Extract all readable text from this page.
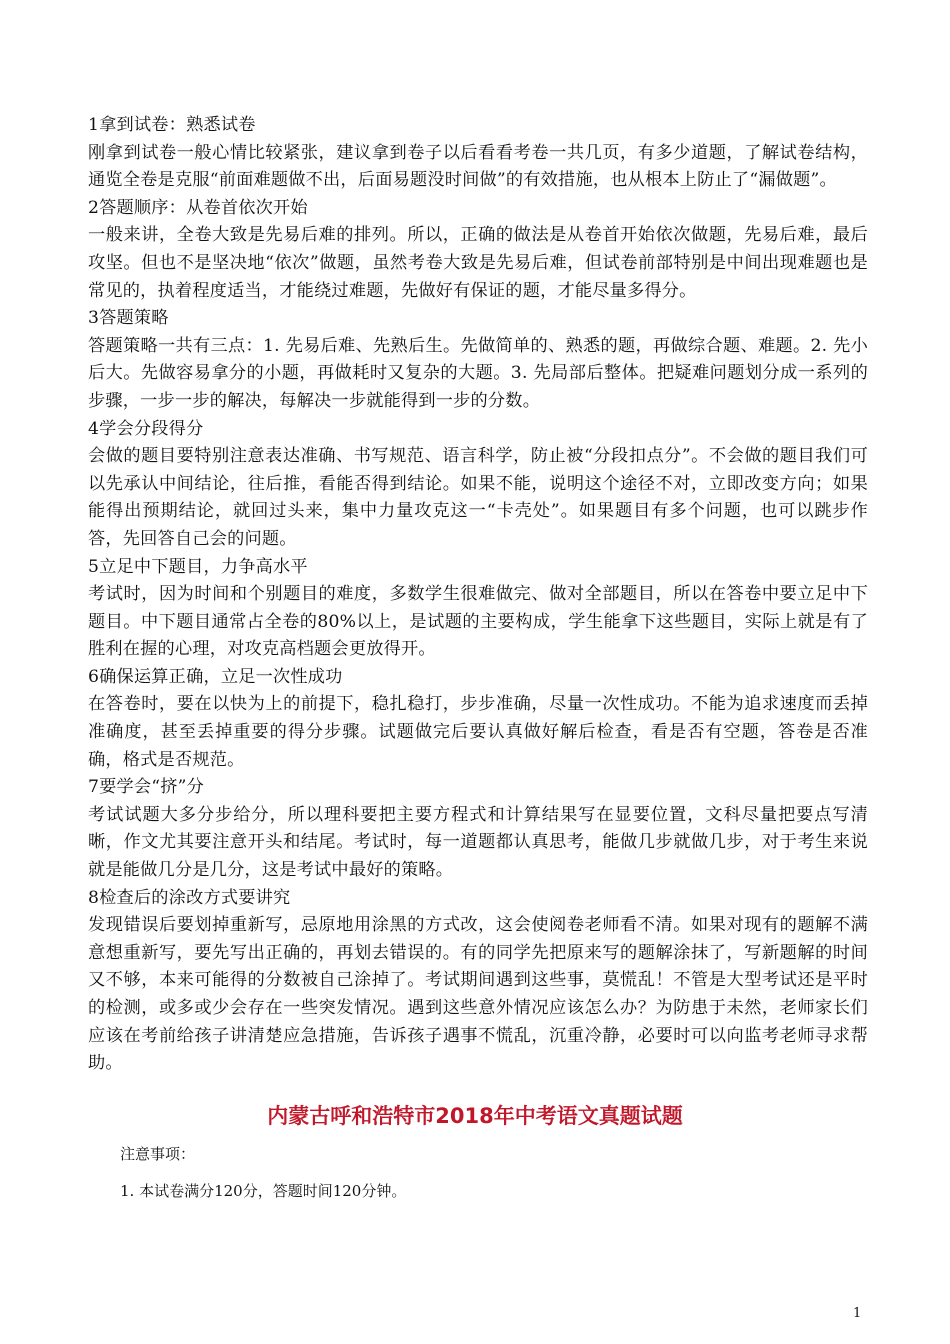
1拿到试卷：熟悉试卷

刚拿到试卷一般心情比较紧张，建议拿到卷子以后看看考卷一共几页，有多少道题，了解试卷结构，通览全卷是克服“前面难题做不出，后面易题没时间做”的有效措施，也从根本上防止了“漏做题”。

2答题顺序：从卷首依次开始

一般来讲，全卷大致是先易后难的排列。所以，正确的做法是从卷首开始依次做题，先易后难，最后攻坚。但也不是坚决地“依次”做题，虽然考卷大致是先易后难，但试卷前部特别是中间出现难题也是常见的，执着程度适当，才能绕过难题，先做好有保证的题，才能尽量多得分。

3答题策略

答题策略一共有三点：1. 先易后难、先熟后生。先做简单的、熟悉的题，再做综合题、难题。2. 先小后大。先做容易拿分的小题，再做耗时又复杂的大题。3. 先局部后整体。把疑难问题划分成一系列的步骤，一步一步的解决，每解决一步就能得到一步的分数。

4学会分段得分

会做的题目要特别注意表达准确、书写规范、语言科学，防止被“分段扣点分”。不会做的题目我们可以先承认中间结论，往后推，看能否得到结论。如果不能，说明这个途径不对，立即改变方向；如果能得出预期结论，就回过头来，集中力量攻克这一“卡壳处”。如果题目有多个问题，也可以跳步作答，先回答自己会的问题。

5立足中下题目，力争高水平

考试时，因为时间和个别题目的难度，多数学生很难做完、做对全部题目，所以在答卷中要立足中下题目。中下题目通常占全卷的80%以上，是试题的主要构成，学生能拿下这些题目，实际上就是有了胜利在握的心理，对攻克高档题会更放得开。

6确保运算正确，立足一次性成功

在答卷时，要在以快为上的前提下，稳扎稳打，步步准确，尽量一次性成功。不能为追求速度而丢掉准确度，甚至丢掉重要的得分步骤。试题做完后要认真做好解后检查，看是否有空题，答卷是否准确，格式是否规范。

7要学会“挤”分

考试试题大多分步给分，所以理科要把主要方程式和计算结果写在显要位置，文科尽量把要点写清晰，作文尤其要注意开头和结尾。考试时，每一道题都认真思考，能做几步就做几步，对于考生来说就是能做几分是几分，这是考试中最好的策略。

8检查后的涂改方式要讲究

发现错误后要划掉重新写，忌原地用涂黑的方式改，这会使阅卷老师看不清。如果对现有的题解不满意想重新写，要先写出正确的，再划去错误的。有的同学先把原来写的题解涂抹了，写新题解的时间又不够，本来可能得的分数被自己涂掉了。考试期间遇到这些事，莫慌乱！不管是大型考试还是平时的检测，或多或少会存在一些突发情况。遇到这些意外情况应该怎么办？为防患于未然，老师家长们应该在考前给孩子讲清楚应急措施，告诉孩子遇事不慌乱，沉重冷静，必要时可以向监考老师寻求帮助。

内蒙古呼和浩特市2018年中考语文真题试题

注意事项：

1. 本试卷满分120分，答题时间120分钟。

1
